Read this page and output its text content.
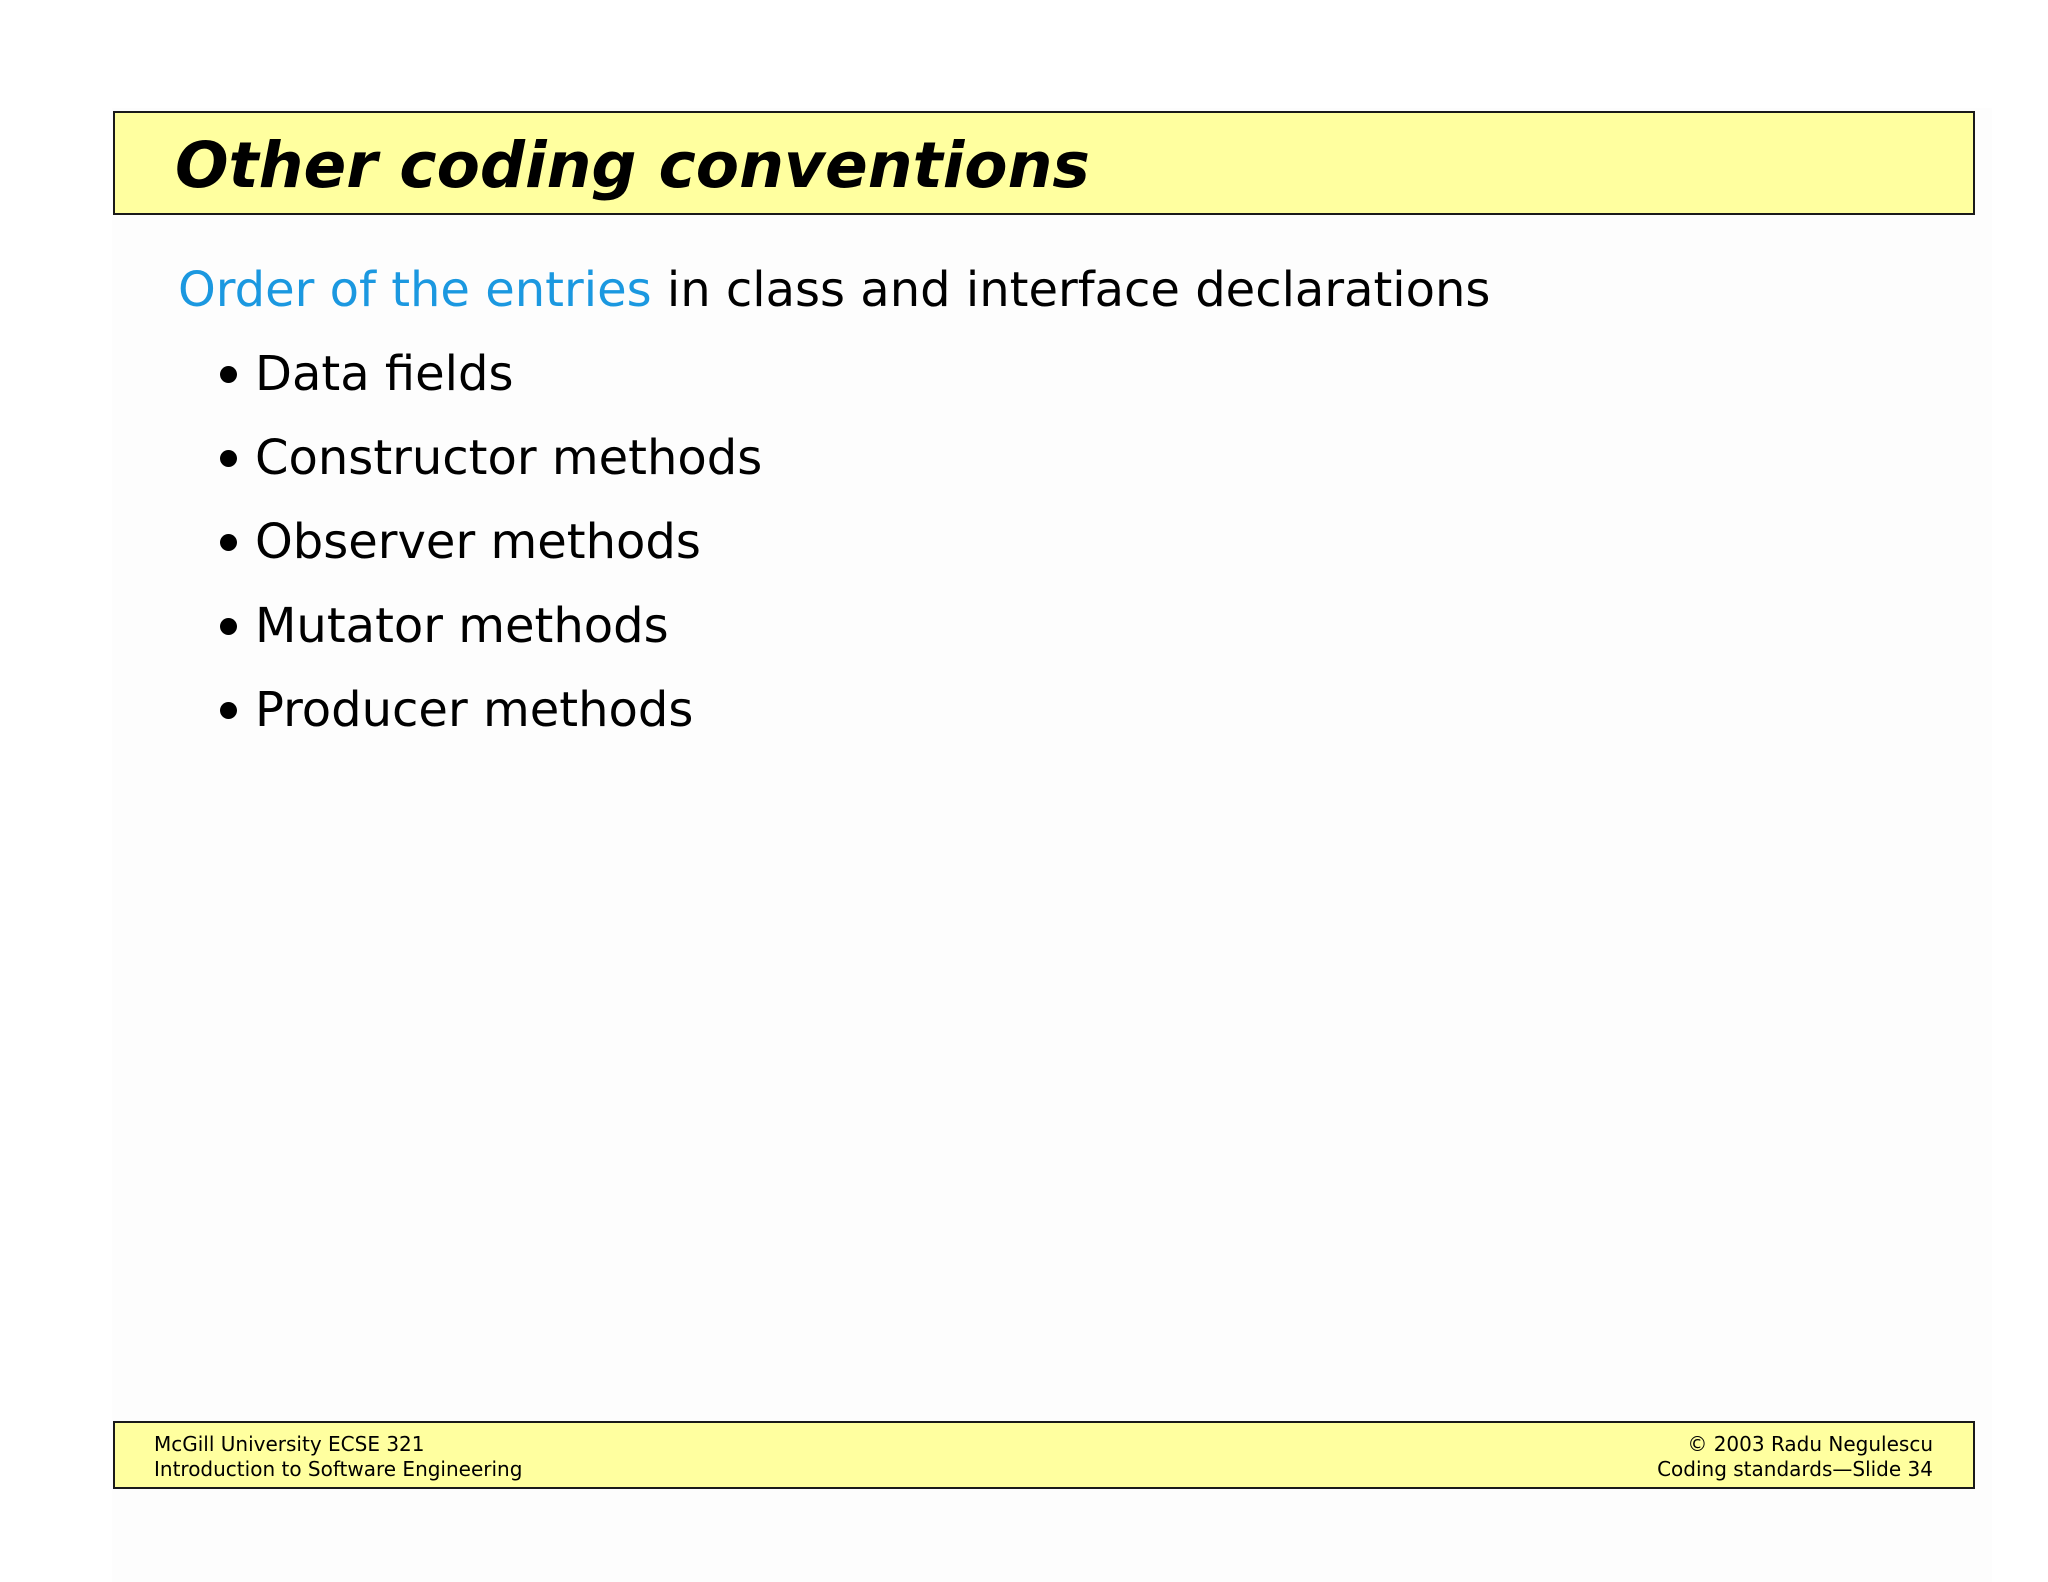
Other coding conventions
Order of the entries in class and interface declarations
Data fields
Constructor methods
Observer methods
Mutator methods
Producer methods
McGill University ECSE 321
Introduction to Software Engineering
© 2003 Radu Negulescu
Coding standards—Slide 34
